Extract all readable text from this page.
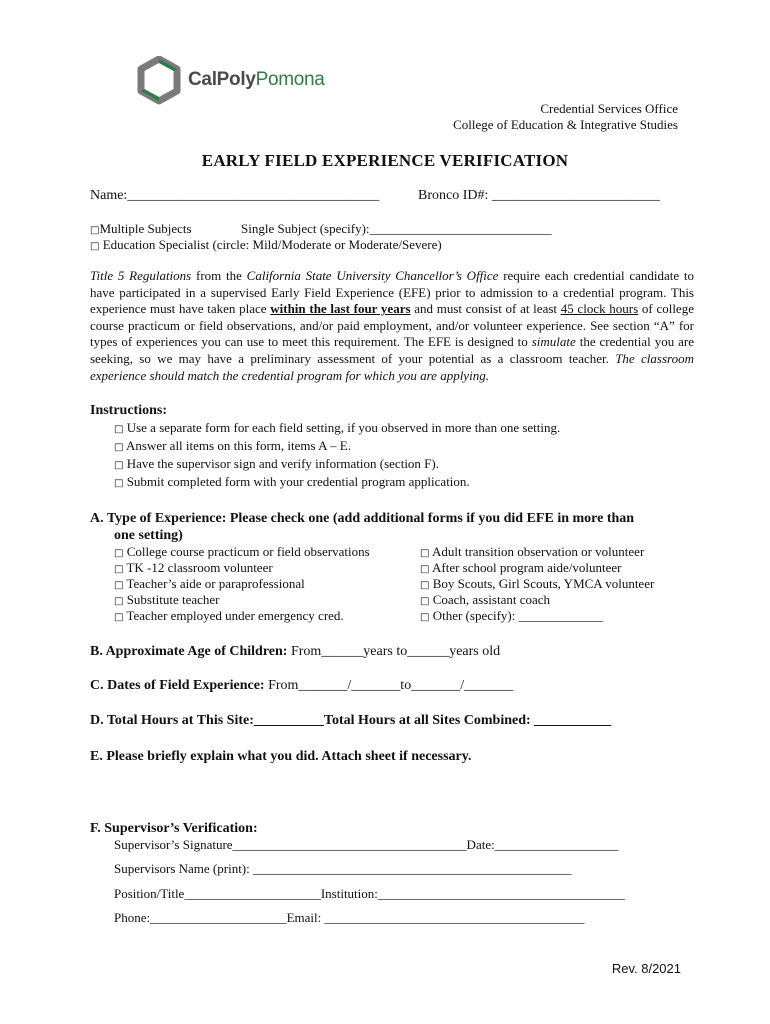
CalPolyPomona
Credential Services Office
College of Education & Integrative Studies
EARLY FIELD EXPERIENCE VERIFICATION
Name:____________________________________	Bronco ID#: ________________________
□Multiple Subjects	Single Subject (specify):____________________________
□ Education Specialist (circle: Mild/Moderate or Moderate/Severe)
Title 5 Regulations from the California State University Chancellor’s Office require each credential candidate to have participated in a supervised Early Field Experience (EFE) prior to admission to a credential program. This experience must have taken place within the last four years and must consist of at least 45 clock hours of college course practicum or field observations, and/or paid employment, and/or volunteer experience. See section “A” for types of experiences you can use to meet this requirement. The EFE is designed to simulate the credential you are seeking, so we may have a preliminary assessment of your potential as a classroom teacher. The classroom experience should match the credential program for which you are applying.
Instructions:
□ Use a separate form for each field setting, if you observed in more than one setting.
□ Answer all items on this form, items A – E.
□ Have the supervisor sign and verify information (section F).
□ Submit completed form with your credential program application.
A. Type of Experience: Please check one (add additional forms if you did EFE in more than
one setting)
□ College course practicum or field observations
□ TK -12 classroom volunteer
□ Teacher’s aide or paraprofessional
□ Substitute teacher
□ Teacher employed under emergency cred.
□ Adult transition observation or volunteer
□ After school program aide/volunteer
□ Boy Scouts, Girl Scouts, YMCA volunteer
□ Coach, assistant coach
□ Other (specify): _____________
B. Approximate Age of Children: From______years to______years old
C. Dates of Field Experience: From_______/_______to_______/_______
D. Total Hours at This Site:__________Total Hours at all Sites Combined: ___________
E. Please briefly explain what you did. Attach sheet if necessary.
F. Supervisor’s Verification:
Supervisor’s Signature____________________________________Date:___________________
Supervisors Name (print): _________________________________________________
Position/Title_____________________Institution:______________________________________
Phone:_____________________Email: ________________________________________
Rev. 8/2021
